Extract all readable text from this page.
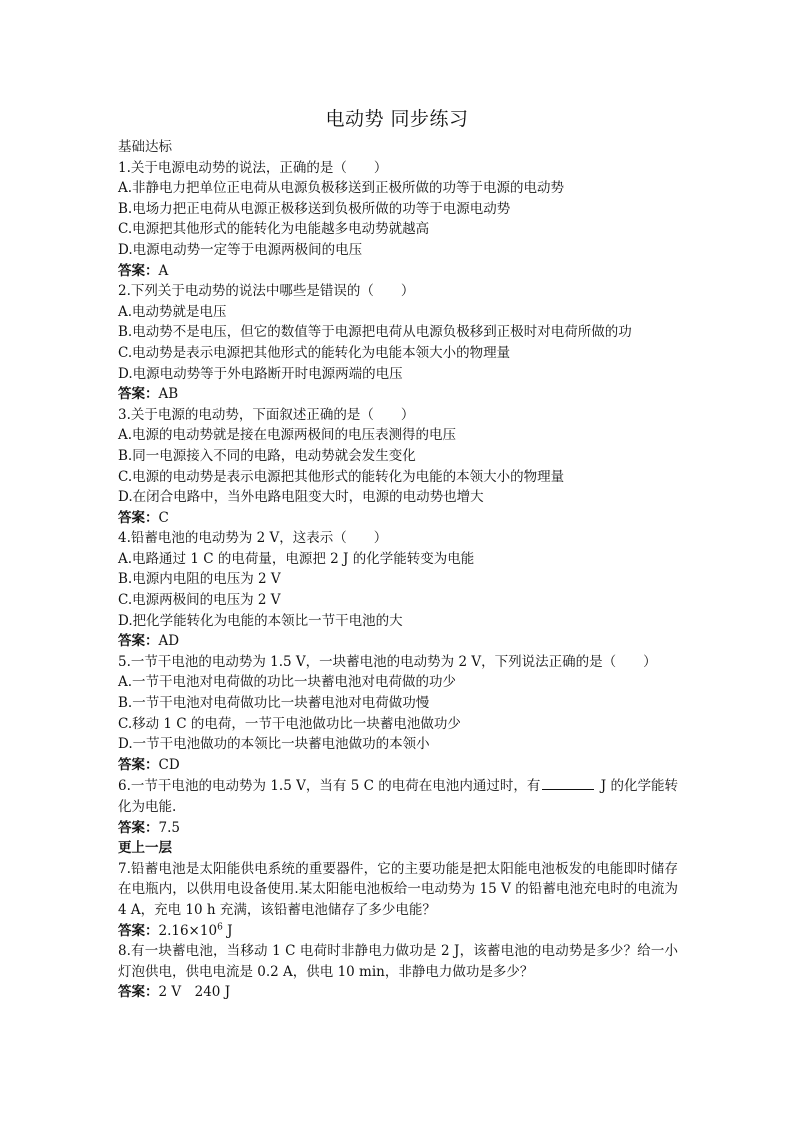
电动势 同步练习
基础达标
1.关于电源电动势的说法，正确的是（　　）
A.非静电力把单位正电荷从电源负极移送到正极所做的功等于电源的电动势
B.电场力把正电荷从电源正极移送到负极所做的功等于电源电动势
C.电源把其他形式的能转化为电能越多电动势就越高
D.电源电动势一定等于电源两极间的电压
答案：A
2.下列关于电动势的说法中哪些是错误的（　　）
A.电动势就是电压
B.电动势不是电压，但它的数值等于电源把电荷从电源负极移到正极时对电荷所做的功
C.电动势是表示电源把其他形式的能转化为电能本领大小的物理量
D.电源电动势等于外电路断开时电源两端的电压
答案：AB
3.关于电源的电动势，下面叙述正确的是（　　）
A.电源的电动势就是接在电源两极间的电压表测得的电压
B.同一电源接入不同的电路，电动势就会发生变化
C.电源的电动势是表示电源把其他形式的能转化为电能的本领大小的物理量
D.在闭合电路中，当外电路电阻变大时，电源的电动势也增大
答案：C
4.铅蓄电池的电动势为 2 V，这表示（　　）
A.电路通过 1 C 的电荷量，电源把 2 J 的化学能转变为电能
B.电源内电阻的电压为 2 V
C.电源两极间的电压为 2 V
D.把化学能转化为电能的本领比一节干电池的大
答案：AD
5.一节干电池的电动势为 1.5 V，一块蓄电池的电动势为 2 V，下列说法正确的是（　　）
A.一节干电池对电荷做的功比一块蓄电池对电荷做的功少
B.一节干电池对电荷做功比一块蓄电池对电荷做功慢
C.移动 1 C 的电荷，一节干电池做功比一块蓄电池做功少
D.一节干电池做功的本领比一块蓄电池做功的本领小
答案：CD
6.一节干电池的电动势为 1.5 V，当有 5 C 的电荷在电池内通过时，有	J 的化学能转化为电能.
答案：7.5
更上一层
7.铅蓄电池是太阳能供电系统的重要器件，它的主要功能是把太阳能电池板发的电能即时储存在电瓶内，以供用电设备使用.某太阳能电池板给一电动势为 15 V 的铅蓄电池充电时的电流为 4 A，充电 10 h 充满，该铅蓄电池储存了多少电能？
答案：$2.16\times 10^6$ J
8.有一块蓄电池，当移动 1 C 电荷时非静电力做功是 2 J，该蓄电池的电动势是多少？给一小灯泡供电，供电电流是 0.2 A，供电 10 min，非静电力做功是多少？
答案：2 V　240 J
